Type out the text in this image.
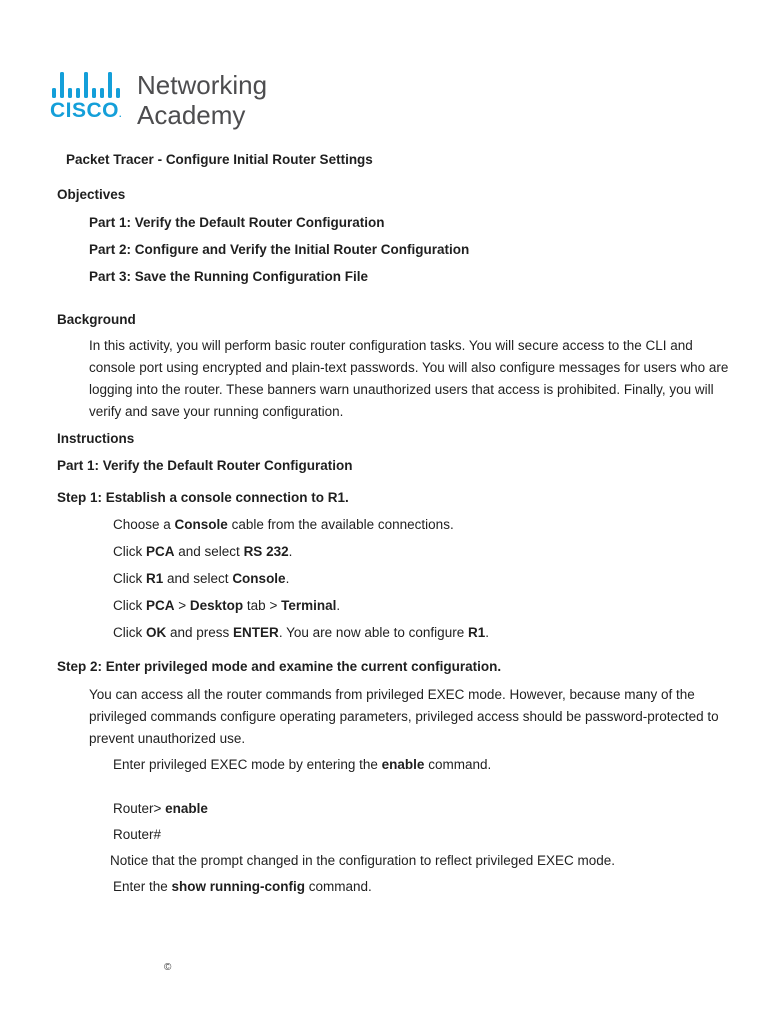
CISCO.
Networking
Academy
Packet Tracer - Configure Initial Router Settings
Objectives
Part 1: Verify the Default Router Configuration
Part 2: Configure and Verify the Initial Router Configuration
Part 3: Save the Running Configuration File
Background
In this activity, you will perform basic router configuration tasks. You will secure access to the CLI and console port using encrypted and plain-text passwords. You will also configure messages for users who are logging into the router. These banners warn unauthorized users that access is prohibited. Finally, you will verify and save your running configuration.
Instructions
Part 1: Verify the Default Router Configuration
Step 1: Establish a console connection to R1.
Choose a Console cable from the available connections.
Click PCA and select RS 232.
Click R1 and select Console.
Click PCA > Desktop tab > Terminal.
Click OK and press ENTER. You are now able to configure R1.
Step 2: Enter privileged mode and examine the current configuration.
You can access all the router commands from privileged EXEC mode. However, because many of the privileged commands configure operating parameters, privileged access should be password-protected to prevent unauthorized use.
Enter privileged EXEC mode by entering the enable command.
Router> enable
Router#
Notice that the prompt changed in the configuration to reflect privileged EXEC mode.
Enter the show running-config command.
©
